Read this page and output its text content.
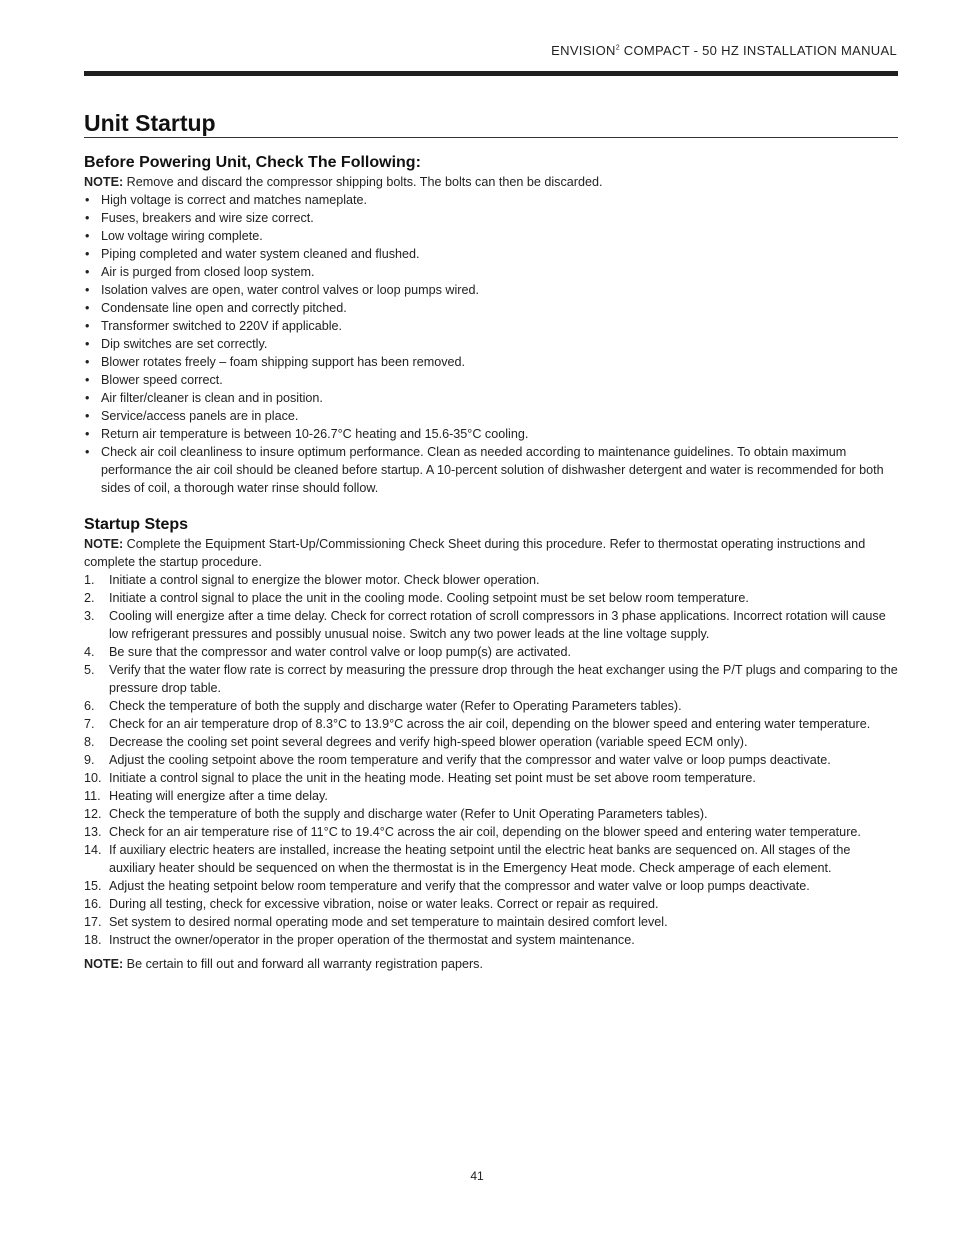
ENVISION$^2$ COMPACT - 50 HZ INSTALLATION MANUAL
Unit Startup
Before Powering Unit, Check The Following:

NOTE: Remove and discard the compressor shipping bolts. The bolts can then be discarded.

• High voltage is correct and matches nameplate.
• Fuses, breakers and wire size correct.
• Low voltage wiring complete.
• Piping completed and water system cleaned and flushed.
• Air is purged from closed loop system.
• Isolation valves are open, water control valves or loop pumps wired.
• Condensate line open and correctly pitched.
• Transformer switched to 220V if applicable.
• Dip switches are set correctly.
• Blower rotates freely – foam shipping support has been removed.
• Blower speed correct.
• Air filter/cleaner is clean and in position.
• Service/access panels are in place.
• Return air temperature is between 10-26.7°C heating and 15.6-35°C cooling.
• Check air coil cleanliness to insure optimum performance. Clean as needed according to maintenance guidelines. To obtain maximum performance the air coil should be cleaned before startup. A 10-percent solution of dishwasher detergent and water is recommended for both sides of coil, a thorough water rinse should follow.
Startup Steps

NOTE: Complete the Equipment Start-Up/Commissioning Check Sheet during this procedure. Refer to thermostat operating instructions and complete the startup procedure.

1. Initiate a control signal to energize the blower motor. Check blower operation.
2. Initiate a control signal to place the unit in the cooling mode. Cooling setpoint must be set below room temperature.
3. Cooling will energize after a time delay. Check for correct rotation of scroll compressors in 3 phase applications. Incorrect rotation will cause low refrigerant pressures and possibly unusual noise. Switch any two power leads at the line voltage supply.
4. Be sure that the compressor and water control valve or loop pump(s) are activated.
5. Verify that the water flow rate is correct by measuring the pressure drop through the heat exchanger using the P/T plugs and comparing to the pressure drop table.
6. Check the temperature of both the supply and discharge water (Refer to Operating Parameters tables).
7. Check for an air temperature drop of 8.3°C to 13.9°C across the air coil, depending on the blower speed and entering water temperature.
8. Decrease the cooling set point several degrees and verify high-speed blower operation (variable speed ECM only).
9. Adjust the cooling setpoint above the room temperature and verify that the compressor and water valve or loop pumps deactivate.
10. Initiate a control signal to place the unit in the heating mode. Heating set point must be set above room temperature.
11. Heating will energize after a time delay.
12. Check the temperature of both the supply and discharge water (Refer to Unit Operating Parameters tables).
13. Check for an air temperature rise of 11°C to 19.4°C across the air coil, depending on the blower speed and entering water temperature.
14. If auxiliary electric heaters are installed, increase the heating setpoint until the electric heat banks are sequenced on. All stages of the auxiliary heater should be sequenced on when the thermostat is in the Emergency Heat mode. Check amperage of each element.
15. Adjust the heating setpoint below room temperature and verify that the compressor and water valve or loop pumps deactivate.
16. During all testing, check for excessive vibration, noise or water leaks. Correct or repair as required.
17. Set system to desired normal operating mode and set temperature to maintain desired comfort level.
18. Instruct the owner/operator in the proper operation of the thermostat and system maintenance.

NOTE: Be certain to fill out and forward all warranty registration papers.

41
